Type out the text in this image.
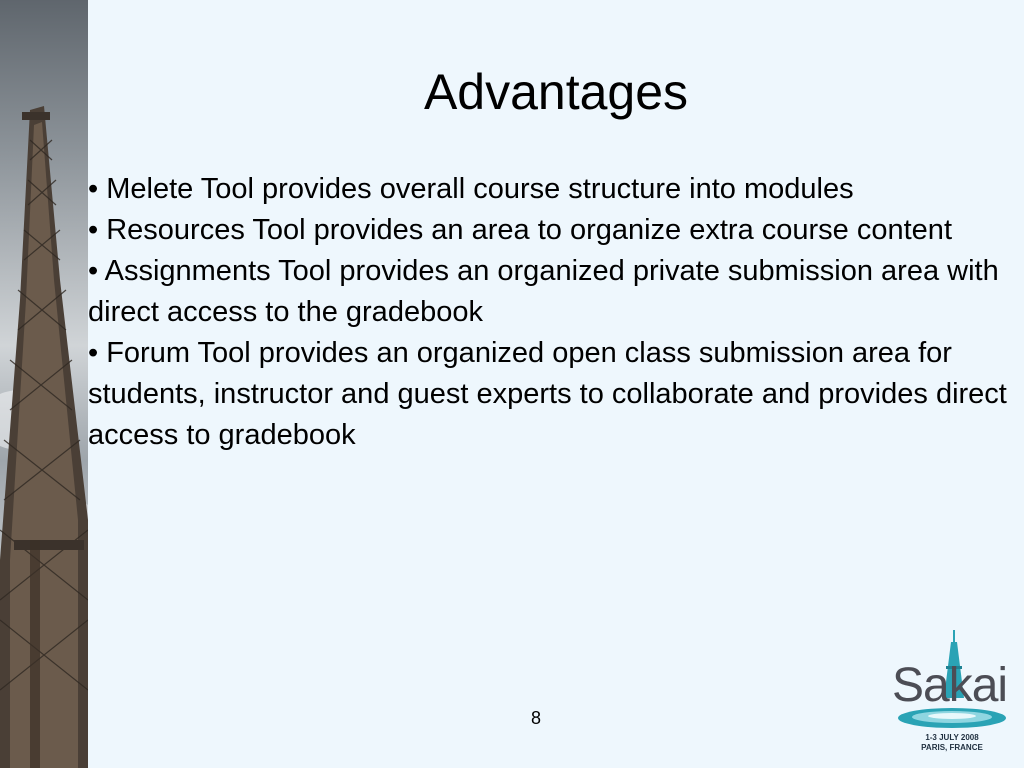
Advantages
• Melete Tool provides overall course structure into modules
• Resources Tool provides an area to organize extra course content
• Assignments Tool provides an organized private submission area with direct access to the gradebook
• Forum Tool provides an organized open class submission area for students, instructor and guest experts to collaborate and provides direct access to gradebook
8
Sakai
1-3 JULY 2008
PARIS, FRANCE
